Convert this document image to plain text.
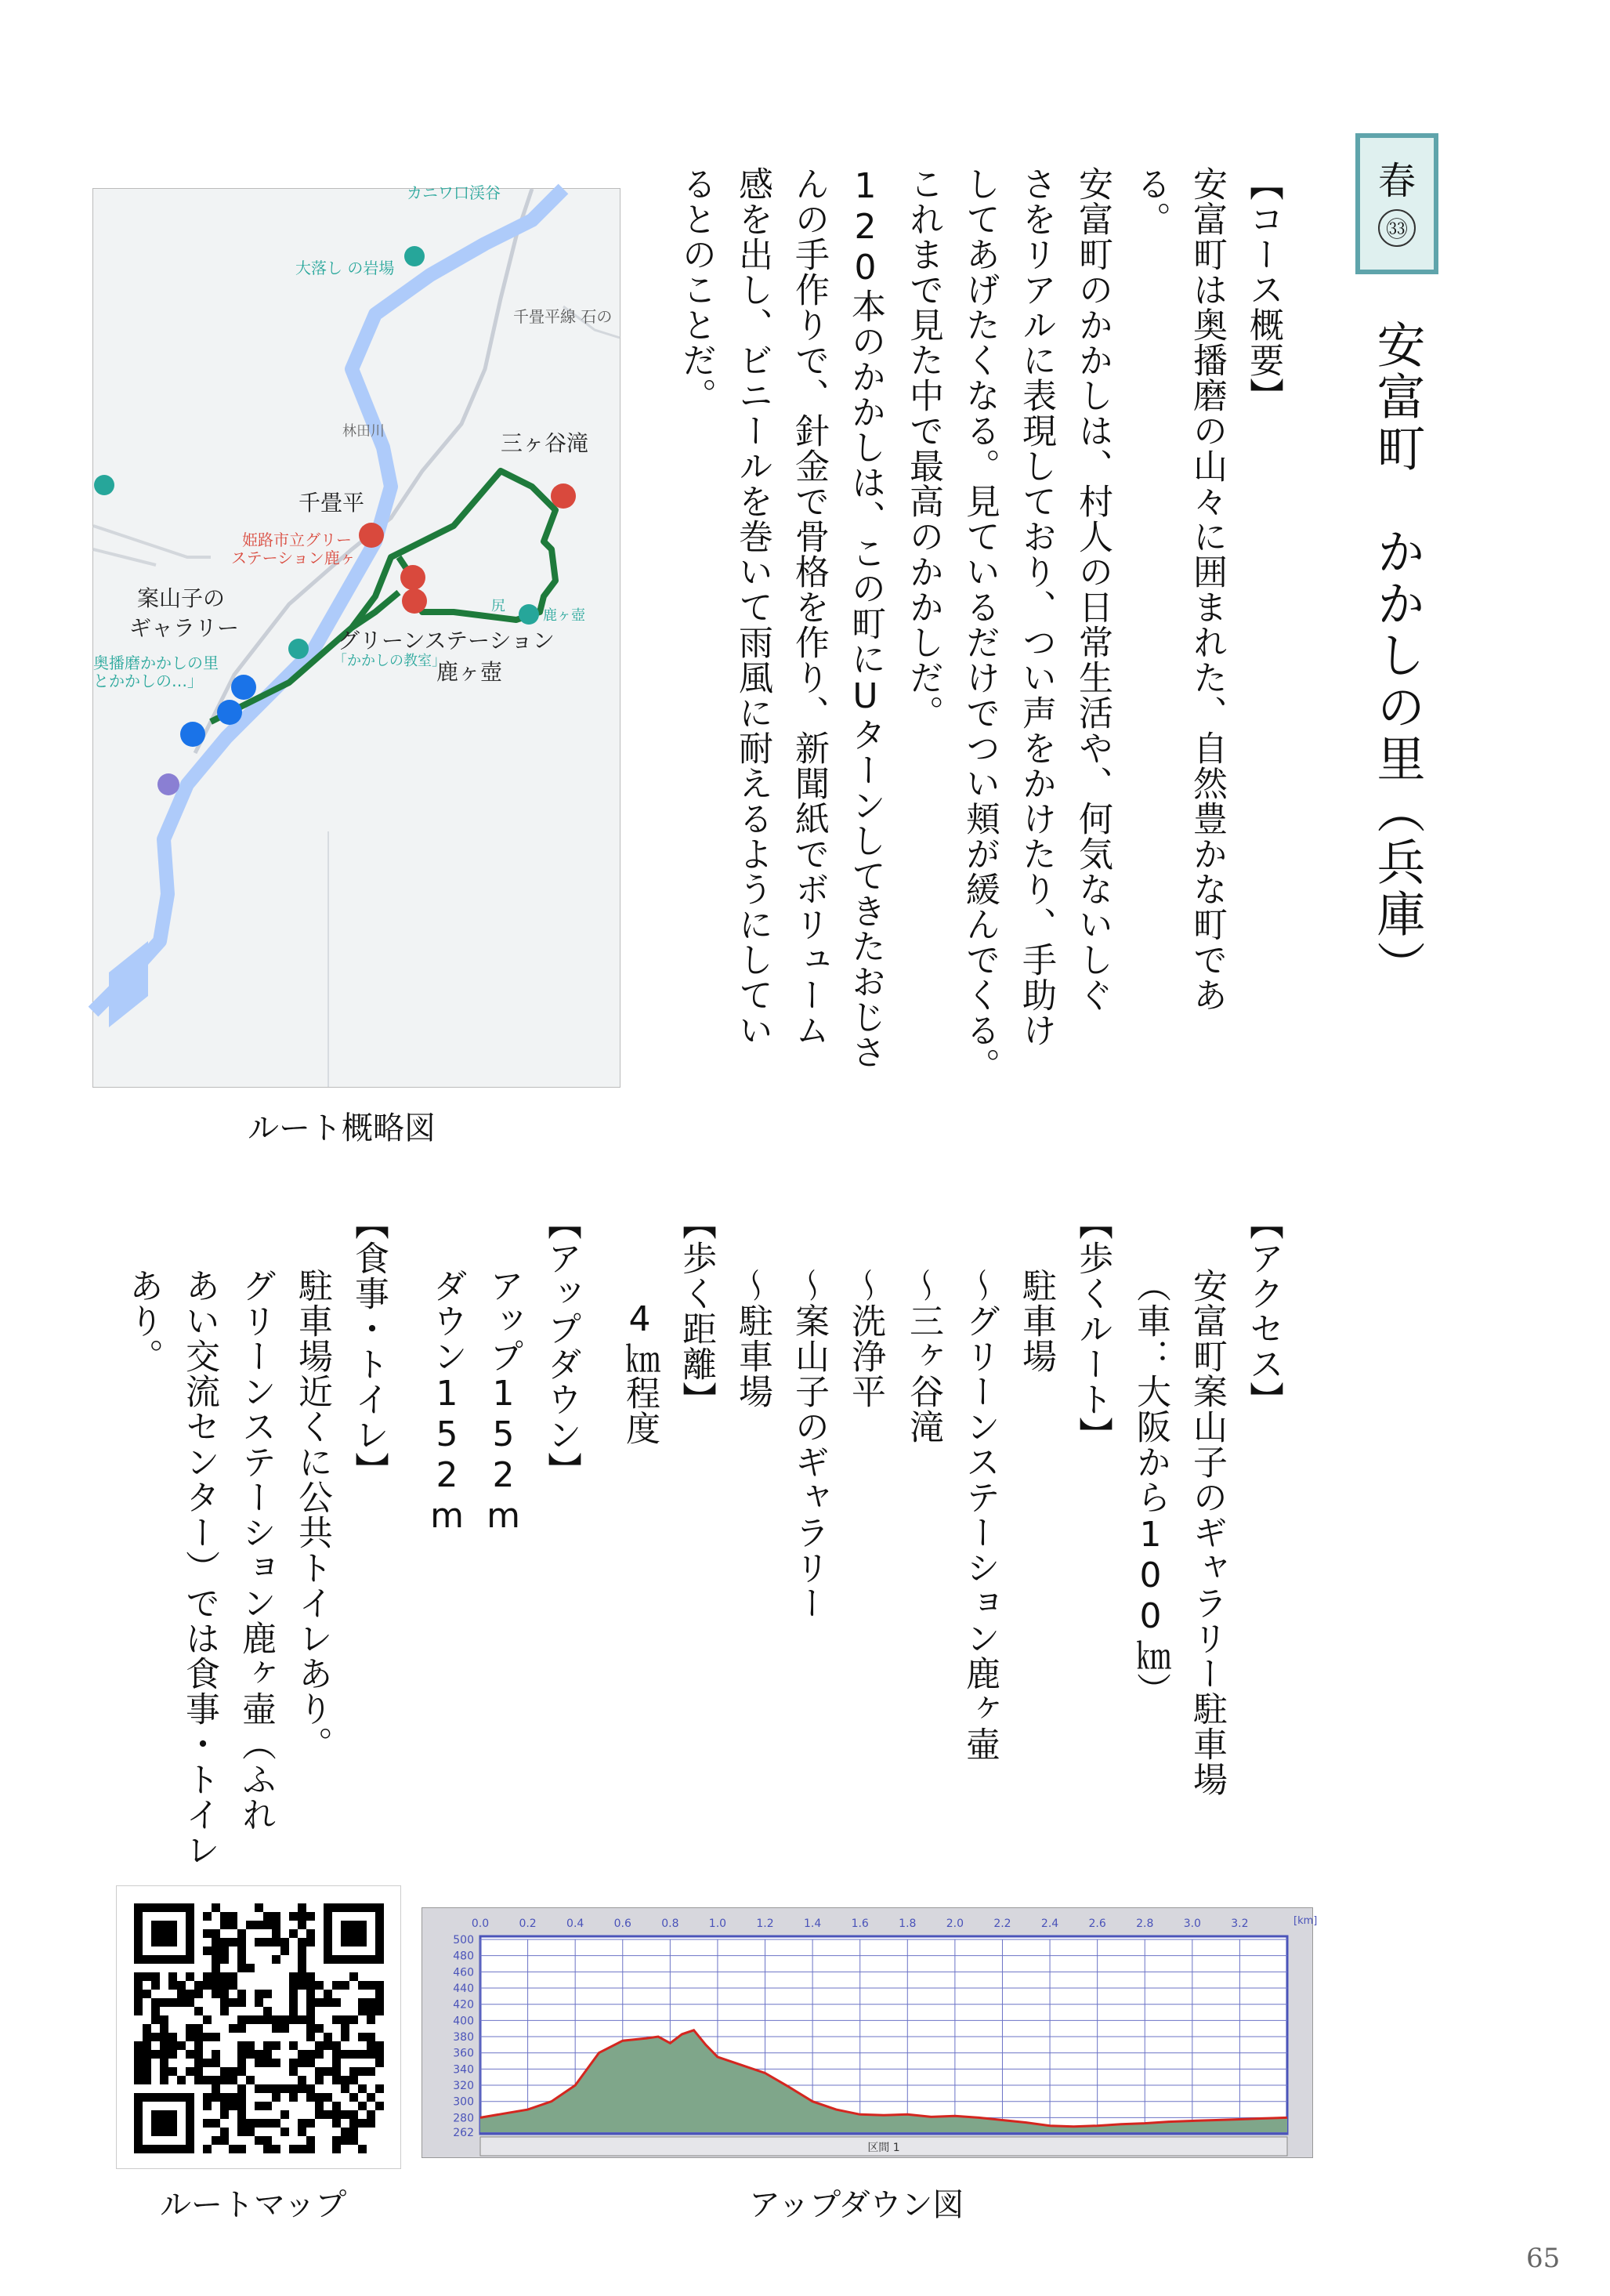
春
㉝
安富町　かかしの里（兵庫）
【コース概要】
安富町は奥播磨の山々に囲まれた、自然豊かな町であ
る。
安富町のかかしは、村人の日常生活や、何気ないしぐ
さをリアルに表現しており、つい声をかけたり、手助け
してあげたくなる。見ているだけでつい頬が緩んでくる。
これまで見た中で最高のかかしだ。
120本のかかしは、この町にUターンしてきたおじさ
んの手作りで、針金で骨格を作り、新聞紙でボリューム
感を出し、ビニールを巻いて雨風に耐えるようにしてい
るとのことだ。
【アクセス】
安富町案山子のギャラリー駐車場
（車：大阪から100㎞）
【歩くルート】
駐車場
～グリーンステーション鹿ヶ壷
～三ヶ谷滝
～洗浄平
～案山子のギャラリー
～駐車場
【歩く距離】
4㎞程度
【アップダウン】
アップ152m
ダウン152m
【食事・トイレ】
駐車場近くに公共トイレあり。
グリーンステーション鹿ヶ壷（ふれ
あい交流センター）では食事・トイレ
あり。
カニワ口渓谷
大落し の岩場
千畳平線 石の
林田川	三ヶ谷滝
千畳平
姫路市立グリー
ステーション鹿ヶ
案山子の
ギャラリー
奥播磨かかしの里
とかかしの…」
グリーンステーション
鹿ヶ壺
「かかしの教室」
鹿ヶ壺
尻
ルート概略図
ルートマップ
区間 1
[km]
0.0	0.2	0.4	0.6	0.8	1.0	1.2	1.4	1.6	1.8	2.0	2.2	2.4	2.6	2.8	3.0	3.2
500
480
460
440
420
400
380
360
340
320
300
280
262
アップダウン図
65
